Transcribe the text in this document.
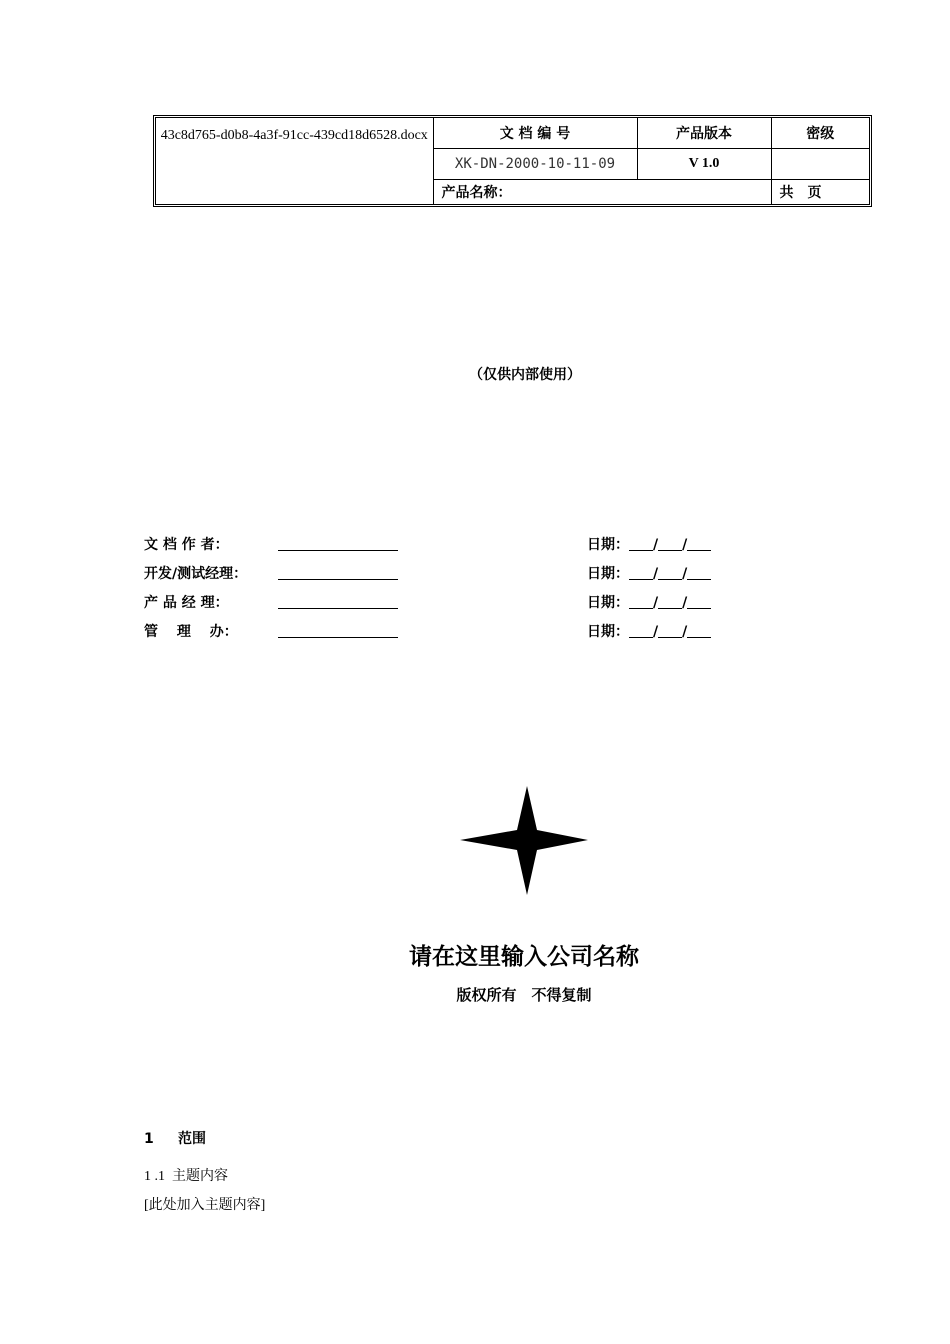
43c8d765-d0b8-4a3f-91cc-439cd18d6528.docx	文 档 编 号	产品版本	密级
	XK-DN-2000-10-11-09	V 1.0	
	产品名称：		共　页
（仅供内部使用）
文 档 作 者：	日期： / /
开发/测试经理：	日期： / /
产 品 经 理：	日期： / /
管　 理　 办：	日期： / /
请在这里输入公司名称
版权所有　不得复制
1 范围
1 .1 主题内容
[此处加入主题内容]
